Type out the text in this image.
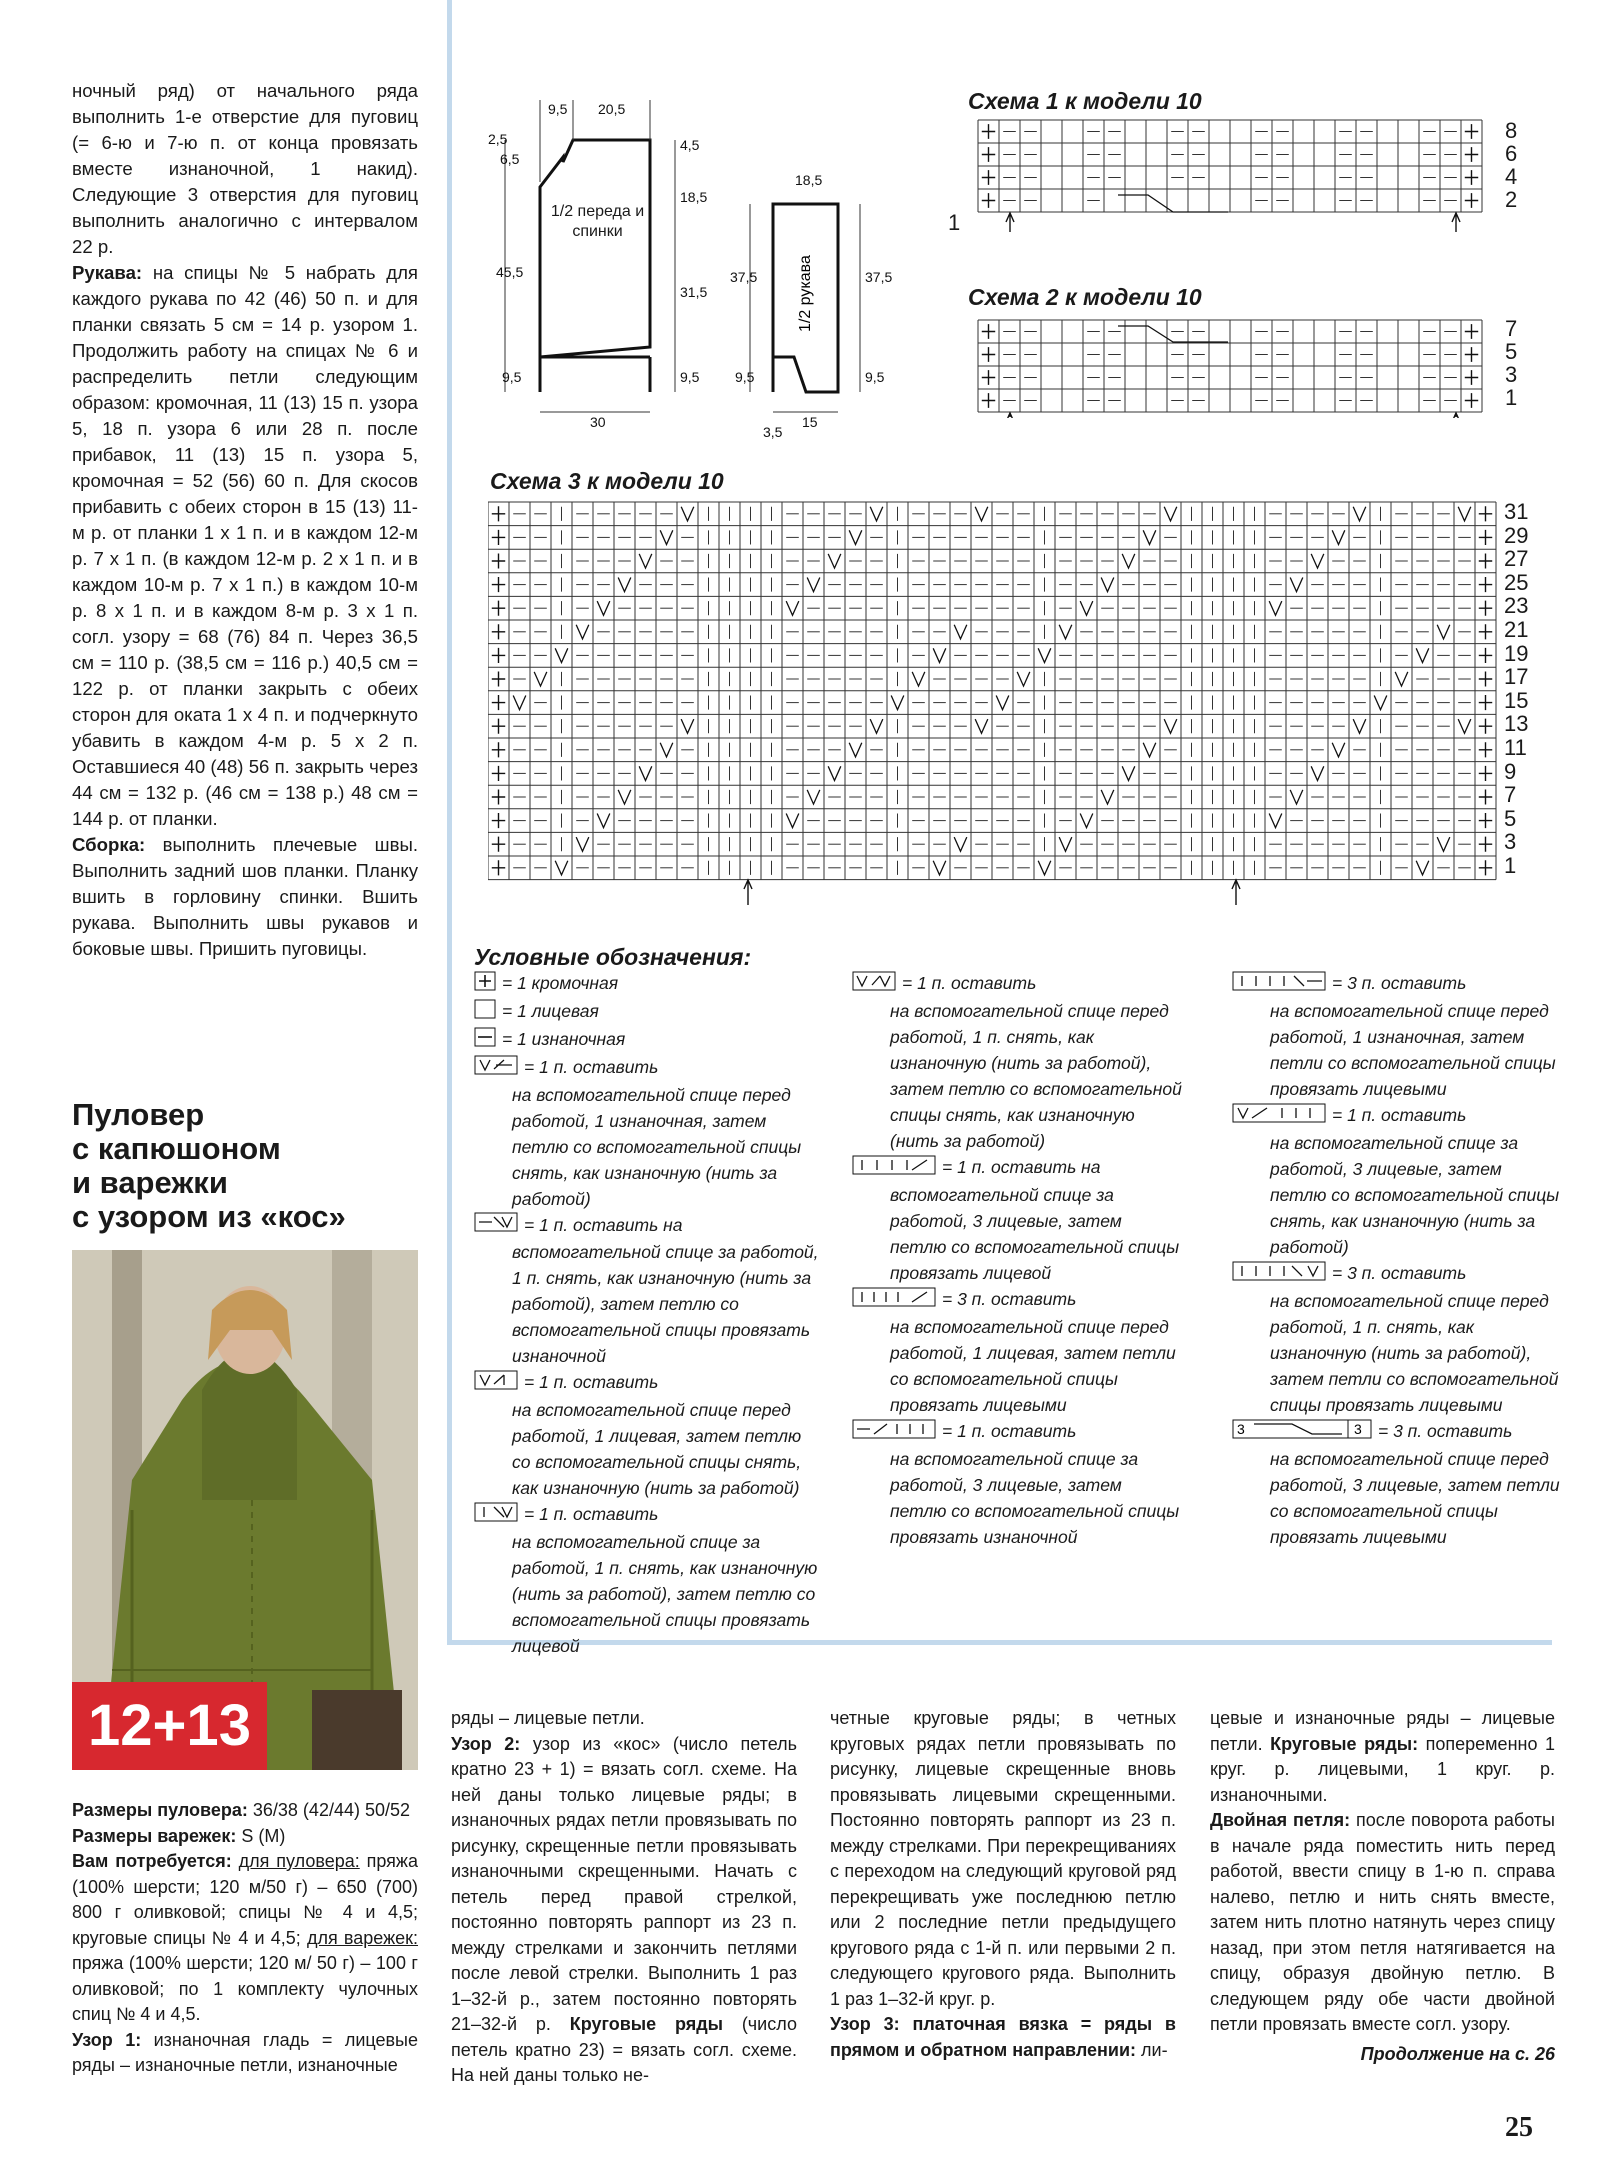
ночный ряд) от начального ряда выполнить 1-е отверстие для пуговиц (= 6-ю и 7-ю п. от конца провязать вместе изнаночной, 1 накид). Следующие 3 отверстия для пуговиц выполнить аналогично с интервалом 22 р.

Рукава: на спицы № 5 набрать для каждого рукава по 42 (46) 50 п. и для планки связать 5 см = 14 р. узором 1. Продолжить работу на спицах № 6 и распределить петли следующим образом: кромочная, 11 (13) 15 п. узора 5, 18 п. узора 6 или 28 п. после прибавок, 11 (13) 15 п. узора 5, кромочная = 52 (56) 60 п. Для скосов прибавить с обеих сторон в 15 (13) 11-м р. от планки 1 х 1 п. и в каждом 12-м р. 7 х 1 п. (в каждом 12-м р. 2 х 1 п. и в каждом 10-м р. 7 х 1 п.) в каждом 10-м р. 8 х 1 п. и в каждом 8-м р. 3 х 1 п. согл. узору = 68 (76) 84 п. Через 36,5 см = 110 р. (38,5 см = 116 р.) 40,5 см = 122 р. от планки закрыть с обеих сторон для оката 1 х 4 п. и подчеркнуто убавить в каждом 4-м р. 5 х 2 п. Оставшиеся 40 (48) 56 п. закрыть через 44 см = 132 р. (46 см = 138 р.) 48 см = 144 р. от планки.

Сборка: выполнить плечевые швы. Выполнить задний шов планки. Планку вшить в горловину спинки. Вшить рукава. Выполнить швы рукавов и боковые швы. Пришить пуговицы.

Пуловер
с капюшоном
и варежки
с узором из «кос»
12+13

Размеры пуловера: 36/38 (42/44) 50/52

Размеры варежек: S (M)

Вам потребуется: для пуловера: пряжа (100% шерсти; 120 м/50 г) – 650 (700) 800 г оливковой; спицы № 4 и 4,5; круговые спицы № 4 и 4,5; для варежек: пряжа (100% шерсти; 120 м/ 50 г) – 100 г оливковой; по 1 комплекту чулочных спиц № 4 и 4,5.

Узор 1: изнаночная гладь = лицевые ряды – изнаночные петли, изнаночные

ряды – лицевые петли.

Узор 2: узор из «кос» (число петель кратно 23 + 1) = вязать согл. схеме. На ней даны только лицевые ряды; в изнаночных рядах петли провязывать по рисунку, скрещенные петли провязывать изнаночными скрещенными. Начать с петель перед правой стрелкой, постоянно повторять раппорт из 23 п. между стрелками и закончить петлями после левой стрелки. Выполнить 1 раз 1–32-й р., затем постоянно повторять 21–32-й р. Круговые ряды (число петель кратно 23) = вязать согл. схеме. На ней даны только не-

четные круговые ряды; в четных круговых рядах петли провязывать по рисунку, лицевые скрещенные вновь провязывать лицевыми скрещенными. Постоянно повторять раппорт из 23 п. между стрелками. При перекрещиваниях с переходом на следующий круговой ряд перекрещивать уже последнюю петлю или 2 последние петли предыдущего кругового ряда с 1-й п. или первыми 2 п. следующего кругового ряда. Выполнить 1 раз 1–32-й круг. р.

Узор 3: платочная вязка = ряды в прямом и обратном направлении: ли-

цевые и изнаночные ряды – лицевые петли. Круговые ряды: попеременно 1 круг. р. лицевыми, 1 круг. р. изнаночными.

Двойная петля: после поворота работы в начале ряда поместить нить перед работой, ввести спицу в 1-ю п. справа налево, петлю и нить снять вместе, затем нить плотно натянуть через спицу назад, при этом петля натягивается на спицу, образуя двойную петлю. В следующем ряду обе части двойной петли провязать вместе согл. узору.

Продолжение на с. 26

25
9,5 20,5
2,5
6,5
4,5
18,5
45,5
31,5
9,5	9,5
30
18,5
37,5	37,5
9,5	9,5
3,5
15
1/2 переда и спинки
1/2 рукава
Схема 1 к модели 10
8
6
4
2
1
Схема 2 к модели 10
7
5
3
1
Схема 3 к модели 10
31
29
27
25
23
21
19
17
15
13
11
9
7
5
3
1
Условные обозначения:
= 1 кромочная
= 1 лицевая
= 1 изнаночная
= 1 п. оставить
на вспомогательной спице перед работой, 1 изнаночная, затем петлю со вспомогательной спицы снять, как изнаночную (нить за работой)
= 1 п. оставить на
вспомогательной спице за работой, 1 п. снять, как изнаночную (нить за работой), затем петлю со вспомогательной спицы провязать изнаночной
= 1 п. оставить
на вспомогательной спице перед работой, 1 лицевая, затем петлю со вспомогательной спицы снять, как изнаночную (нить за работой)
= 1 п. оставить
на вспомогательной спице за работой, 1 п. снять, как изнаночную (нить за работой), затем петлю со вспомогательной спицы провязать лицевой
= 1 п. оставить
на вспомогательной спице перед работой, 1 п. снять, как изнаночную (нить за работой), затем петлю со вспомогательной спицы снять, как изнаночную (нить за работой)
= 1 п. оставить на
вспомогательной спице за работой, 3 лицевые, затем петлю со вспомогательной спицы провязать лицевой
= 3 п. оставить
на вспомогательной спице перед работой, 1 лицевая, затем петли со вспомогательной спицы провязать лицевыми
= 1 п. оставить
на вспомогательной спице за работой, 3 лицевые, затем петлю со вспомогательной спицы провязать изнаночной
= 3 п. оставить
на вспомогательной спице перед работой, 1 изнаночная, затем петли со вспомогательной спицы провязать лицевыми
= 1 п. оставить
на вспомогательной спице за работой, 3 лицевые, затем петлю со вспомогательной спицы снять, как изнаночную (нить за работой)
= 3 п. оставить
на вспомогательной спице перед работой, 1 п. снять, как изнаночную (нить за работой), затем петли со вспомогательной спицы провязать лицевыми
3	3 = 3 п. оставить
на вспомогательной спице перед работой, 3 лицевые, затем петли со вспомогательной спицы провязать лицевыми
